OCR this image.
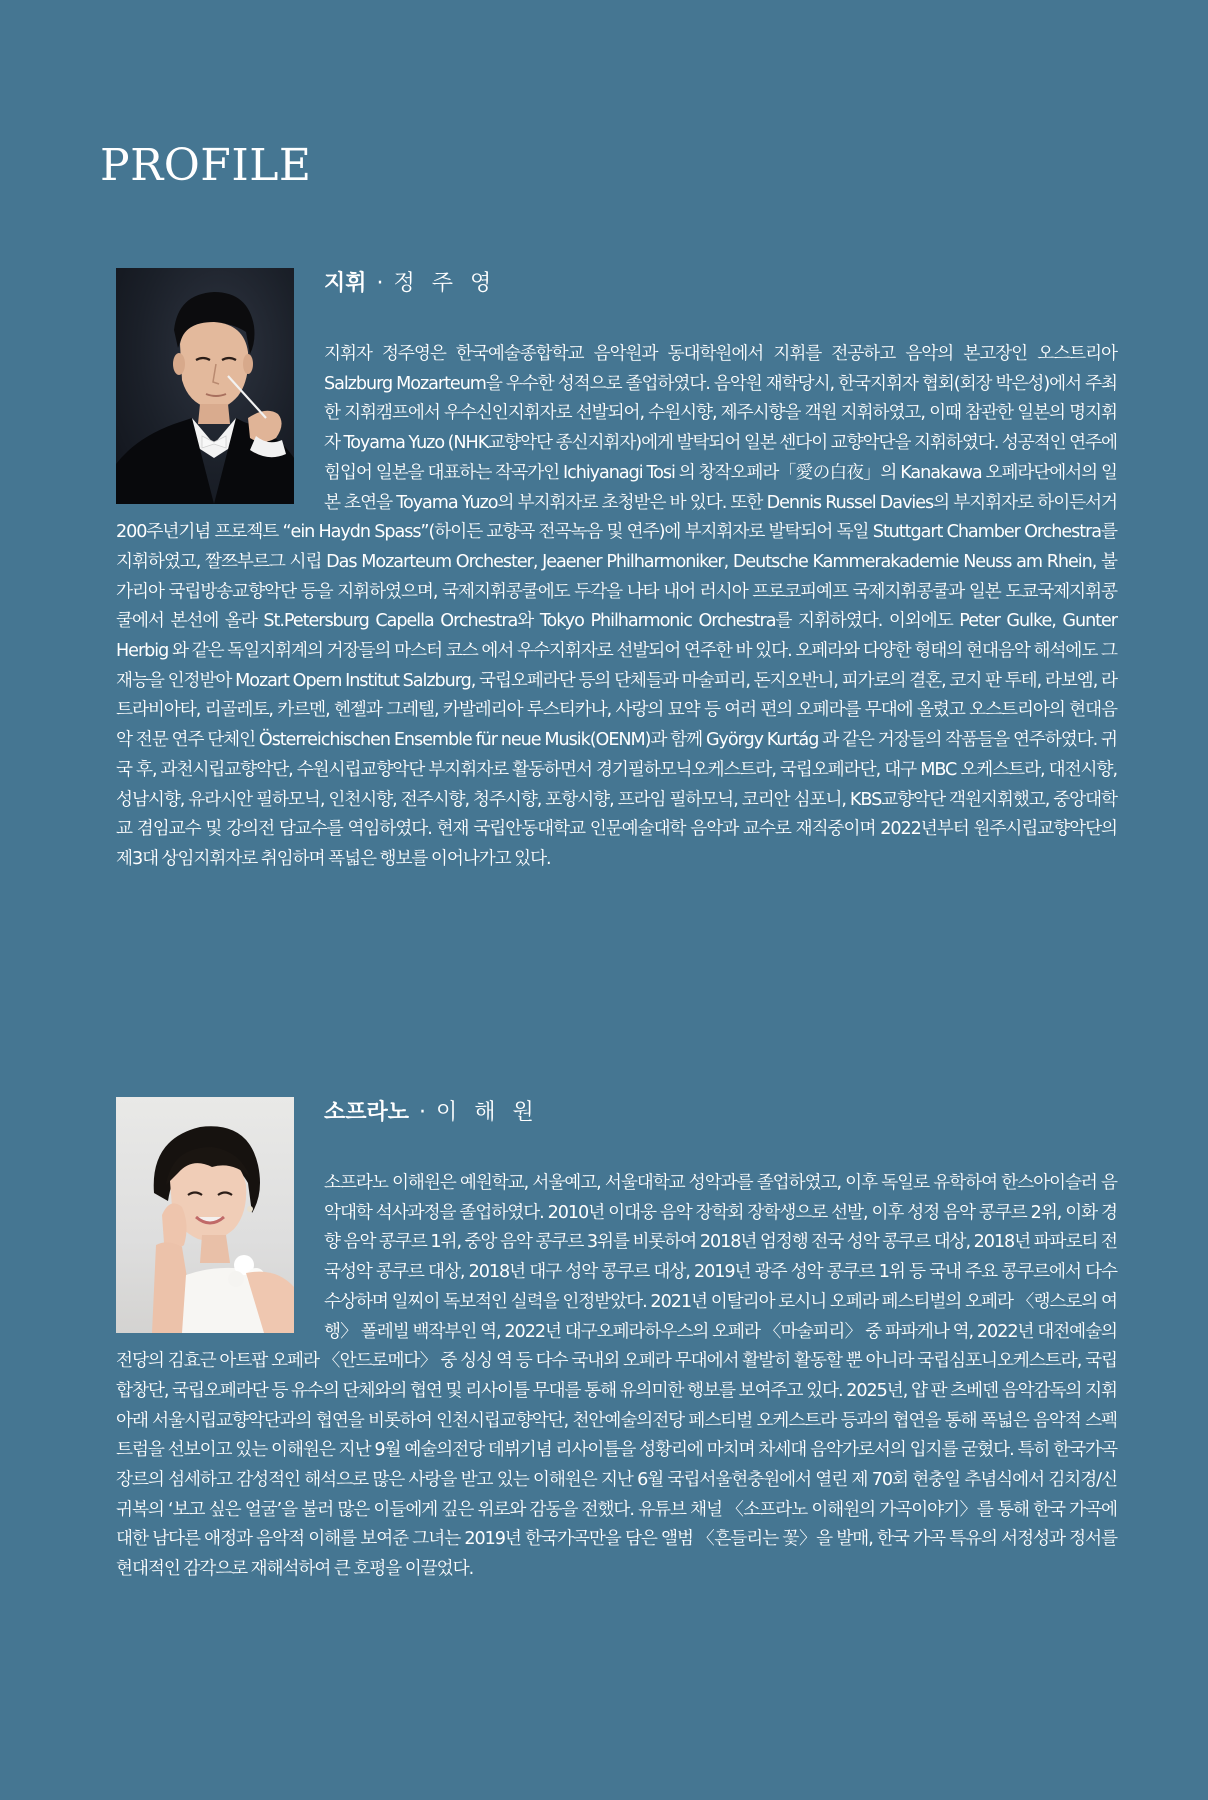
PROFILE
지휘 · 정 주 영

지휘자 정주영은 한국예술종합학교 음악원과 동대학원에서 지휘를 전공하고 음악의 본고장인 오스트리아 Salzburg Mozarteum을 우수한 성적으로 졸업하였다. 음악원 재학당시, 한국지휘자 협회(회장 박은성)에서 주최한 지휘캠프에서 우수신인지휘자로 선발되어, 수원시향, 제주시향을 객원 지휘하였고, 이때 참관한 일본의 명지휘자 Toyama Yuzo (NHK교향악단 종신지휘자)에게 발탁되어 일본 센다이 교향악단을 지휘하였다. 성공적인 연주에 힘입어 일본을 대표하는 작곡가인 Ichiyanagi Tosi 의 창작오페라「愛の白夜」의 Kanakawa 오페라단에서의 일본 초연을 Toyama Yuzo의 부지휘자로 초청받은 바 있다. 또한 Dennis Russel Davies의 부지휘자로 하이든서거 200주년기념 프로젝트 “ein Haydn Spass”(하이든 교향곡 전곡녹음 및 연주)에 부지휘자로 발탁되어 독일 Stuttgart Chamber Orchestra를 지휘하였고, 짤쯔부르그 시립 Das Mozarteum Orchester, Jeaener Philharmoniker, Deutsche Kammerakademie Neuss am Rhein, 불가리아 국립방송교향악단 등을 지휘하였으며, 국제지휘콩쿨에도 두각을 나타 내어 러시아 프로코피예프 국제지휘콩쿨과 일본 도쿄국제지휘콩쿨에서 본선에 올라 St.Petersburg Capella Orchestra와 Tokyo Philharmonic Orchestra를 지휘하였다. 이외에도 Peter Gulke, Gunter Herbig 와 같은 독일지휘계의 거장들의 마스터 코스 에서 우수지휘자로 선발되어 연주한 바 있다. 오페라와 다양한 형태의 현대음악 해석에도 그 재능을 인정받아 Mozart Opern Institut Salzburg, 국립오페라단 등의 단체들과 마술피리, 돈지오반니, 피가로의 결혼, 코지 판 투테, 라보엠, 라트라비아타, 리골레토, 카르멘, 헨젤과 그레텔, 카발레리아 루스티카나, 사랑의 묘약 등 여러 편의 오페라를 무대에 올렸고 오스트리아의 현대음악 전문 연주 단체인 Österreichischen Ensemble für neue Musik(OENM)과 함께 György Kurtág 과 같은 거장들의 작품들을 연주하였다. 귀국 후, 과천시립교향악단, 수원시립교향악단 부지휘자로 활동하면서 경기필하모닉오케스트라, 국립오페라단, 대구 MBC 오케스트라, 대전시향, 성남시향, 유라시안 필하모닉, 인천시향, 전주시향, 청주시향, 포항시향, 프라임 필하모닉, 코리안 심포니, KBS교향악단 객원지휘했고, 중앙대학교 겸임교수 및 강의전 담교수를 역임하였다. 현재 국립안동대학교 인문예술대학 음악과 교수로 재직중이며 2022년부터 원주시립교향악단의 제3대 상임지휘자로 취임하며 폭넓은 행보를 이어나가고 있다.

소프라노 · 이 해 원

소프라노 이해원은 예원학교, 서울예고, 서울대학교 성악과를 졸업하였고, 이후 독일로 유학하여 한스아이슬러 음악대학 석사과정을 졸업하였다. 2010년 이대웅 음악 장학회 장학생으로 선발, 이후 성정 음악 콩쿠르 2위, 이화 경향 음악 콩쿠르 1위, 중앙 음악 콩쿠르 3위를 비롯하여 2018년 엄정행 전국 성악 콩쿠르 대상, 2018년 파파로티 전국성악 콩쿠르 대상, 2018년 대구 성악 콩쿠르 대상, 2019년 광주 성악 콩쿠르 1위 등 국내 주요 콩쿠르에서 다수 수상하며 일찌이 독보적인 실력을 인정받았다. 2021년 이탈리아 로시니 오페라 페스티벌의 오페라 〈랭스로의 여행〉 폴레빌 백작부인 역, 2022년 대구오페라하우스의 오페라 〈마술피리〉 중 파파게나 역, 2022년 대전예술의전당의 김효근 아트팝 오페라 〈안드로메다〉 중 싱싱 역 등 다수 국내외 오페라 무대에서 활발히 활동할 뿐 아니라 국립심포니오케스트라, 국립합창단, 국립오페라단 등 유수의 단체와의 협연 및 리사이틀 무대를 통해 유의미한 행보를 보여주고 있다. 2025년, 얍 판 츠베덴 음악감독의 지휘 아래 서울시립교향악단과의 협연을 비롯하여 인천시립교향악단, 천안예술의전당 페스티벌 오케스트라 등과의 협연을 통해 폭넓은 음악적 스펙트럼을 선보이고 있는 이해원은 지난 9월 예술의전당 데뷔기념 리사이틀을 성황리에 마치며 차세대 음악가로서의 입지를 굳혔다. 특히 한국가곡 장르의 섬세하고 감성적인 해석으로 많은 사랑을 받고 있는 이해원은 지난 6월 국립서울현충원에서 열린 제 70회 현충일 추념식에서 김치경/신귀복의 ‘보고 싶은 얼굴’을 불러 많은 이들에게 깊은 위로와 감동을 전했다. 유튜브 채널 〈소프라노 이해원의 가곡이야기〉를 통해 한국 가곡에 대한 남다른 애정과 음악적 이해를 보여준 그녀는 2019년 한국가곡만을 담은 앨범 〈흔들리는 꽃〉을 발매, 한국 가곡 특유의 서정성과 정서를 현대적인 감각으로 재해석하여 큰 호평을 이끌었다.
